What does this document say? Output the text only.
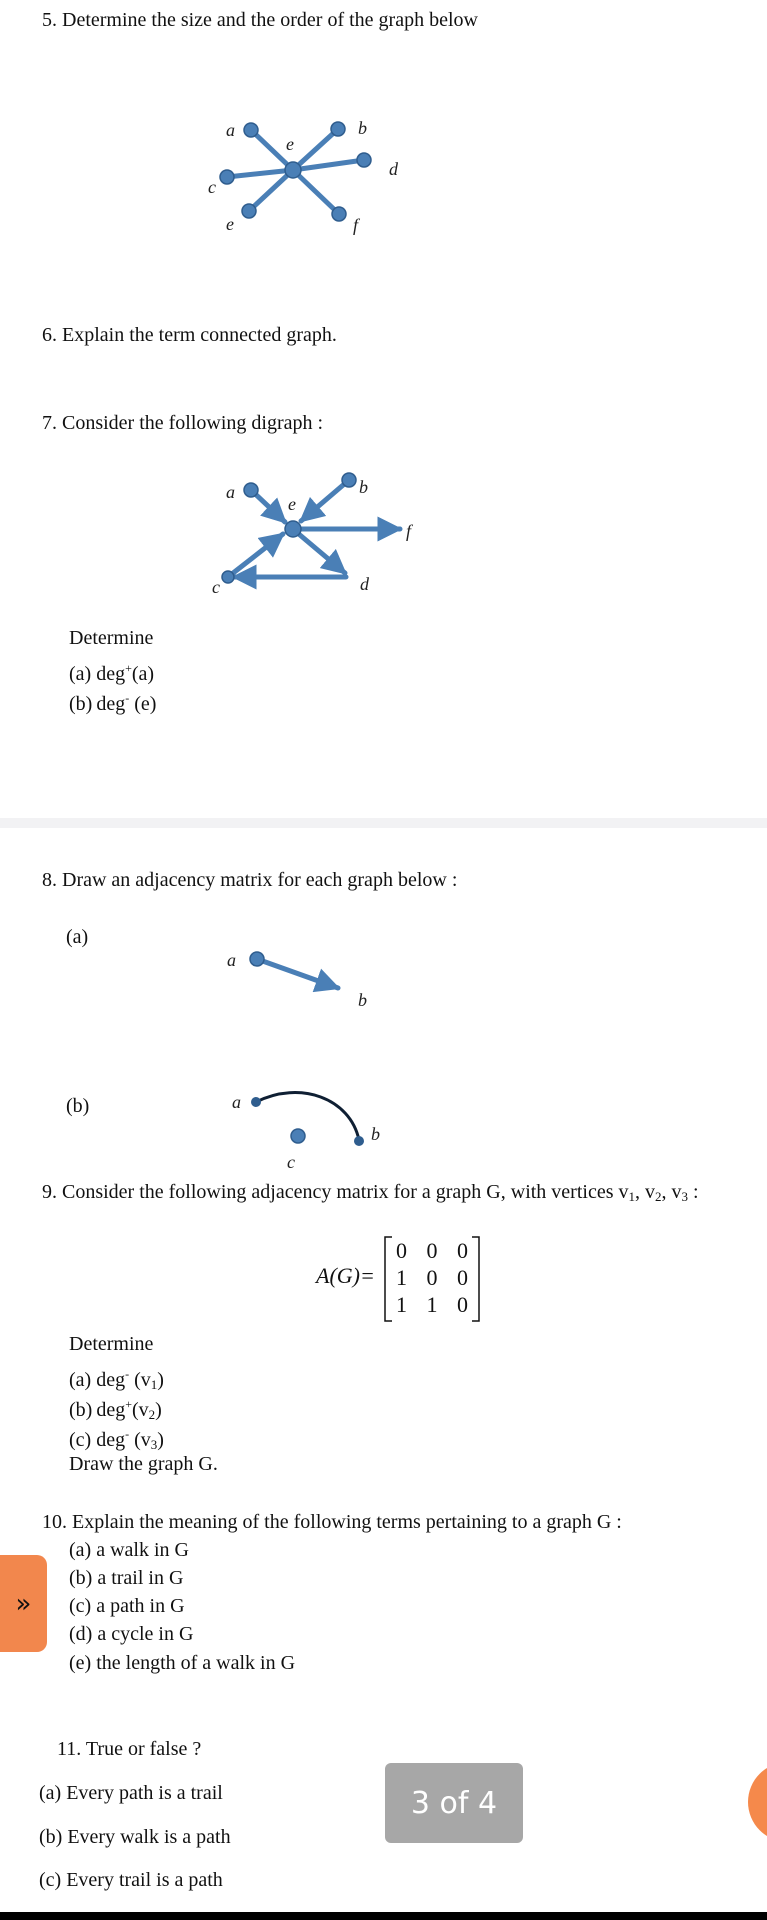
5. Determine the size and the order of the graph below
a
e
b
d
c
e	f
6. Explain the term connected graph.
7. Consider the following digraph :
a
e
b
f
c	d
Determine
(a) deg+(a)
(b) deg- (e)
8. Draw an adjacency matrix for each graph below :
(a)
a
b
(b)	a
b
c
9. Consider the following adjacency matrix for a graph G, with vertices $v_1$, $v_2$, $v_3$ :
A(G)=
0 0 0
1 0 0
1 1 0
Determine
(a) deg- $(v_1)$
(b) $deg^+(v_2)$
(c) deg- $(v_3)$
Draw the graph G.
10. Explain the meaning of the following terms pertaining to a graph G :
(a) a walk in G
(b) a trail in G
(c) a path in G
(d) a cycle in G
(e) the length of a walk in G
11. True or false ?
(a) Every path is a trail
(b) Every walk is a path
(c) Every trail is a path
»
3 of 4
